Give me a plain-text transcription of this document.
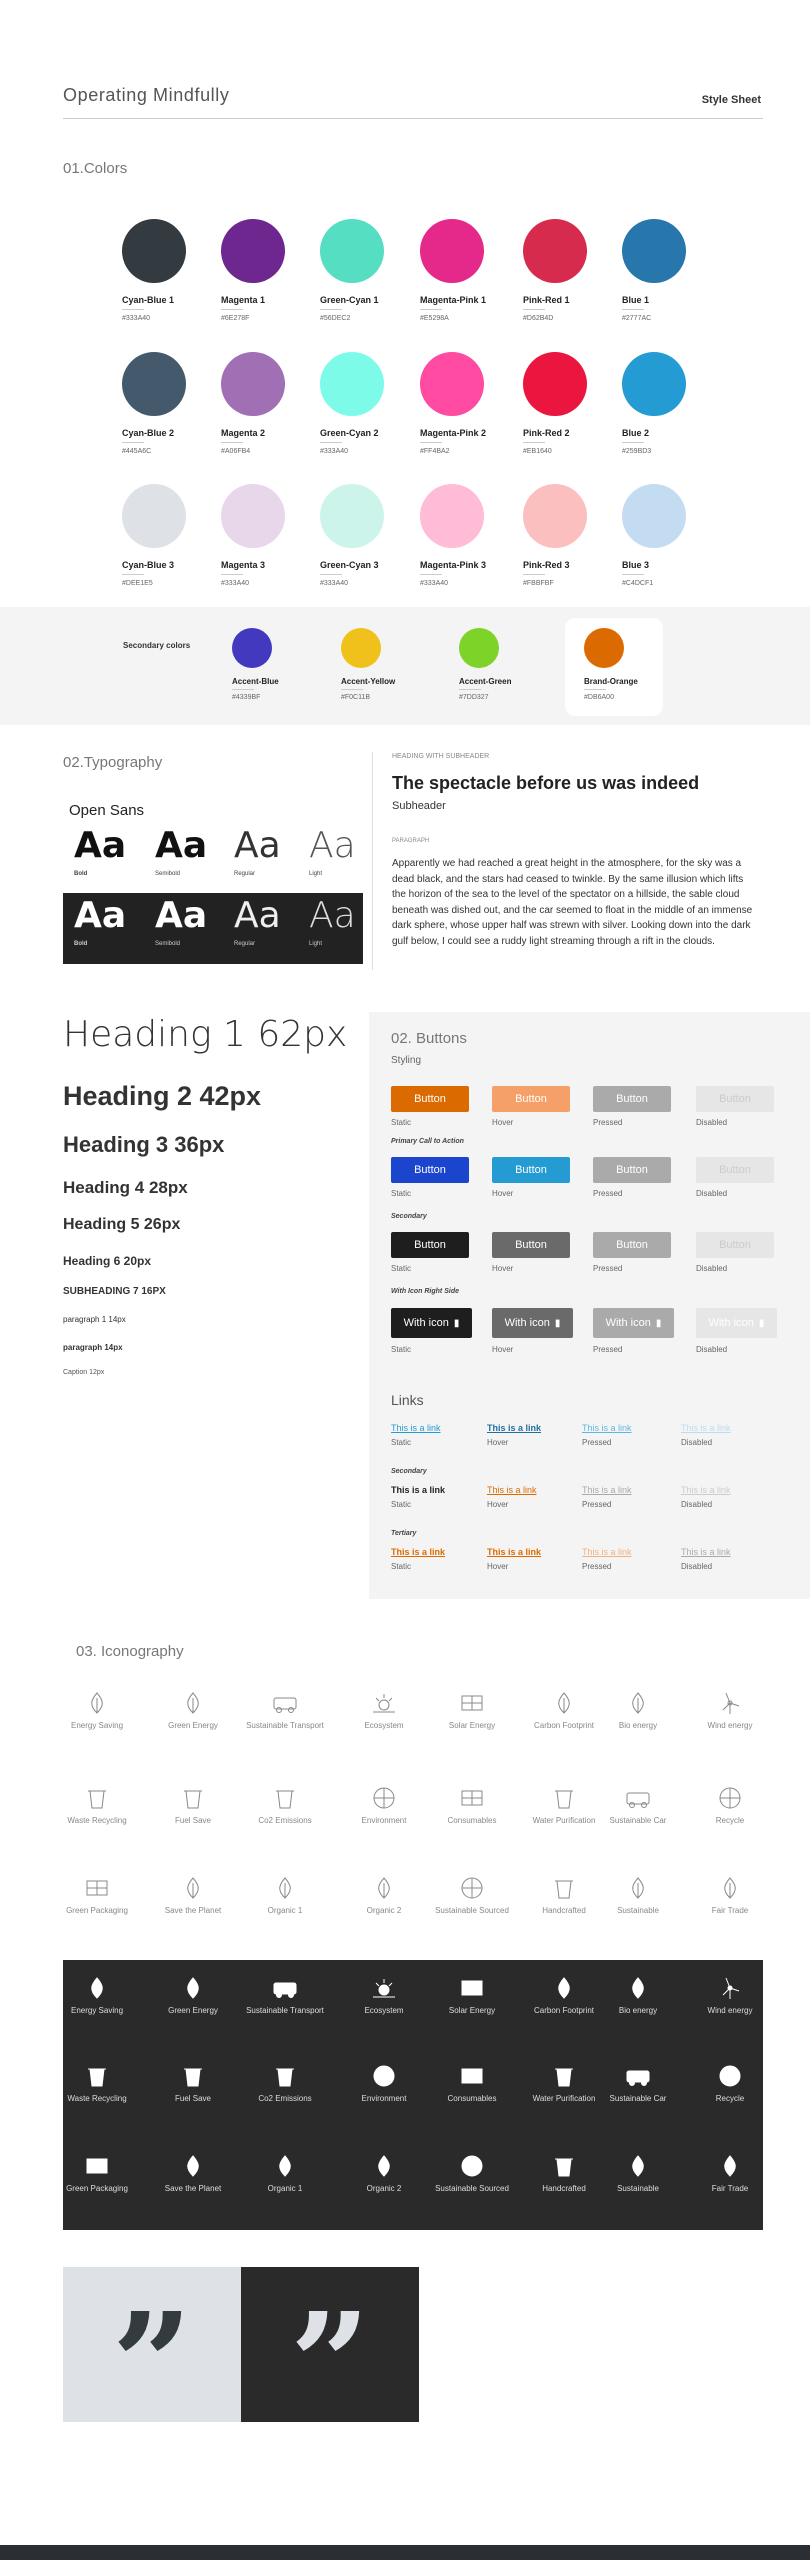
Operating Mindfully	Style Sheet
01.Colors
Cyan-Blue 1
#333A40
Magenta 1
#6E278F
Green-Cyan 1
#56DEC2
Magenta-Pink 1
#E5298A
Pink-Red 1
#D62B4D
Blue 1
#2777AC
Cyan-Blue 2
#445A6C
Magenta 2
#A06FB4
Green-Cyan 2
#333A40
Magenta-Pink 2
#FF4BA2
Pink-Red 2
#EB1640
Blue 2
#259BD3
Cyan-Blue 3
#DEE1E5
Magenta 3
#333A40
Green-Cyan 3
#333A40
Magenta-Pink 3
#333A40
Pink-Red 3
#FBBFBF
Blue 3
#C4DCF1
Secondary colors
Accent-Blue
#4339BF
Accent-Yellow
#F0C11B
Accent-Green
#7DD327
Brand-Orange
#DB6A00
02.Typography
Open Sans
Aa
Bold
Aa
Semibold
Aa
Regular
Aa
Light
Aa
Bold
Aa
Semibold
Aa
Regular
Aa
Light
HEADING WITH SUBHEADER
The spectacle before us was indeed
Subheader
PARAGRAPH
Apparently we had reached a great height in the atmosphere, for the sky was a dead black, and the stars had ceased to twinkle. By the same illusion which lifts the horizon of the sea to the level of the spectator on a hillside, the sable cloud beneath was dished out, and the car seemed to float in the middle of an immense dark sphere, whose upper half was strewn with silver. Looking down into the dark gulf below, I could see a ruddy light streaming through a rift in the clouds.
Heading 1 62px
Heading 2 42px
Heading 3 36px
Heading 4 28px
Heading 5 26px
Heading 6 20px
SUBHEADING 7 16PX
paragraph 1 14px
paragraph 14px
Caption 12px
02. Buttons
Styling
Primary Call to Action
Secondary
With Icon Right Side
Button
Static
Button
Hover
Button
Pressed
Button
Disabled
Button
Static
Button
Hover
Button
Pressed
Button
Disabled
Button
Static
Button
Hover
Button
Pressed
Button
Disabled
With icon ▮
Static
With icon ▮
Hover
With icon ▮
Pressed
With icon ▮
Disabled
Links
Secondary
Tertiary
This is a link
Static
This is a link
Hover
This is a link
Pressed
This is a link
Disabled
This is a link
Static
This is a link
Hover
This is a link
Pressed
This is a link
Disabled
This is a link
Static
This is a link
Hover
This is a link
Pressed
This is a link
Disabled
03. Iconography
Energy Saving
Energy Saving
Green Energy
Green Energy
Sustainable Transport
Sustainable Transport
Ecosystem
Ecosystem
Solar Energy
Solar Energy
Carbon Footprint
Carbon Footprint
Bio energy
Bio energy
Wind energy
Wind energy
Waste Recycling
Waste Recycling
Fuel Save
Fuel Save
Co2 Emissions
Co2 Emissions
Environment
Environment
Consumables
Consumables
Water Purification
Water Purification
Sustainable Car
Sustainable Car
Recycle
Recycle
Green Packaging
Green Packaging
Save the Planet
Save the Planet
Organic 1
Organic 1
Organic 2
Organic 2
Sustainable Sourced
Sustainable Sourced
Handcrafted
Handcrafted
Sustainable
Sustainable
Fair Trade
Fair Trade
” ”
